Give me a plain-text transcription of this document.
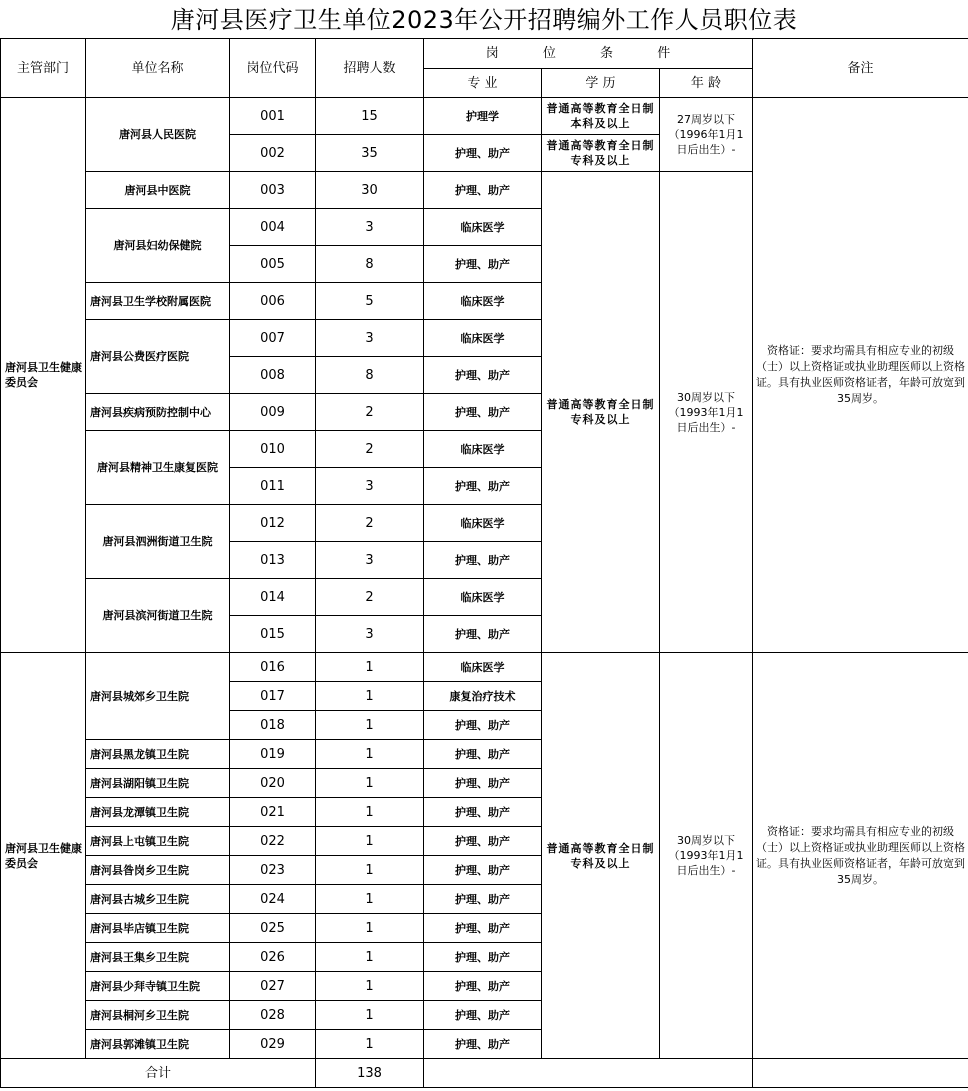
唐河县医疗卫生单位2023年公开招聘编外工作人员职位表
主管部门	单位名称	岗位代码	招聘人数	岗 位 条 件			备注
				专 业	学 历	年 龄	
唐河县卫生健康委员会	唐河县人民医院	001	15	护理学	普通高等教育全日制本科及以上	27周岁以下（1996年1月1日后出生）-	资格证：要求均需具有相应专业的初级（士）以上资格证或执业助理医师以上资格证。具有执业医师资格证者，年龄可放宽到35周岁。
		002	35	护理、助产	普通高等教育全日制专科及以上		
	唐河县中医院	003	30	护理、助产	普通高等教育全日制专科及以上	30周岁以下（1993年1月1日后出生）-	
	唐河县妇幼保健院	004	3	临床医学			
		005	8	护理、助产			
	唐河县卫生学校附属医院	006	5	临床医学			
	唐河县公费医疗医院	007	3	临床医学			
		008	8	护理、助产			
	唐河县疾病预防控制中心	009	2	护理、助产			
	唐河县精神卫生康复医院	010	2	临床医学			
		011	3	护理、助产			
	唐河县泗洲街道卫生院	012	2	临床医学			
		013	3	护理、助产			
	唐河县滨河街道卫生院	014	2	临床医学			
		015	3	护理、助产			
唐河县卫生健康委员会	唐河县城郊乡卫生院	016	1	临床医学	普通高等教育全日制专科及以上	30周岁以下（1993年1月1日后出生）-	资格证：要求均需具有相应专业的初级（士）以上资格证或执业助理医师以上资格证。具有执业医师资格证者，年龄可放宽到35周岁。
		017	1	康复治疗技术			
		018	1	护理、助产			
	唐河县黑龙镇卫生院	019	1	护理、助产			
	唐河县湖阳镇卫生院	020	1	护理、助产			
	唐河县龙潭镇卫生院	021	1	护理、助产			
	唐河县上屯镇卫生院	022	1	护理、助产			
	唐河县昝岗乡卫生院	023	1	护理、助产			
	唐河县古城乡卫生院	024	1	护理、助产			
	唐河县毕店镇卫生院	025	1	护理、助产			
	唐河县王集乡卫生院	026	1	护理、助产			
	唐河县少拜寺镇卫生院	027	1	护理、助产			
	唐河县桐河乡卫生院	028	1	护理、助产			
	唐河县郭滩镇卫生院	029	1	护理、助产			
合计			138				
